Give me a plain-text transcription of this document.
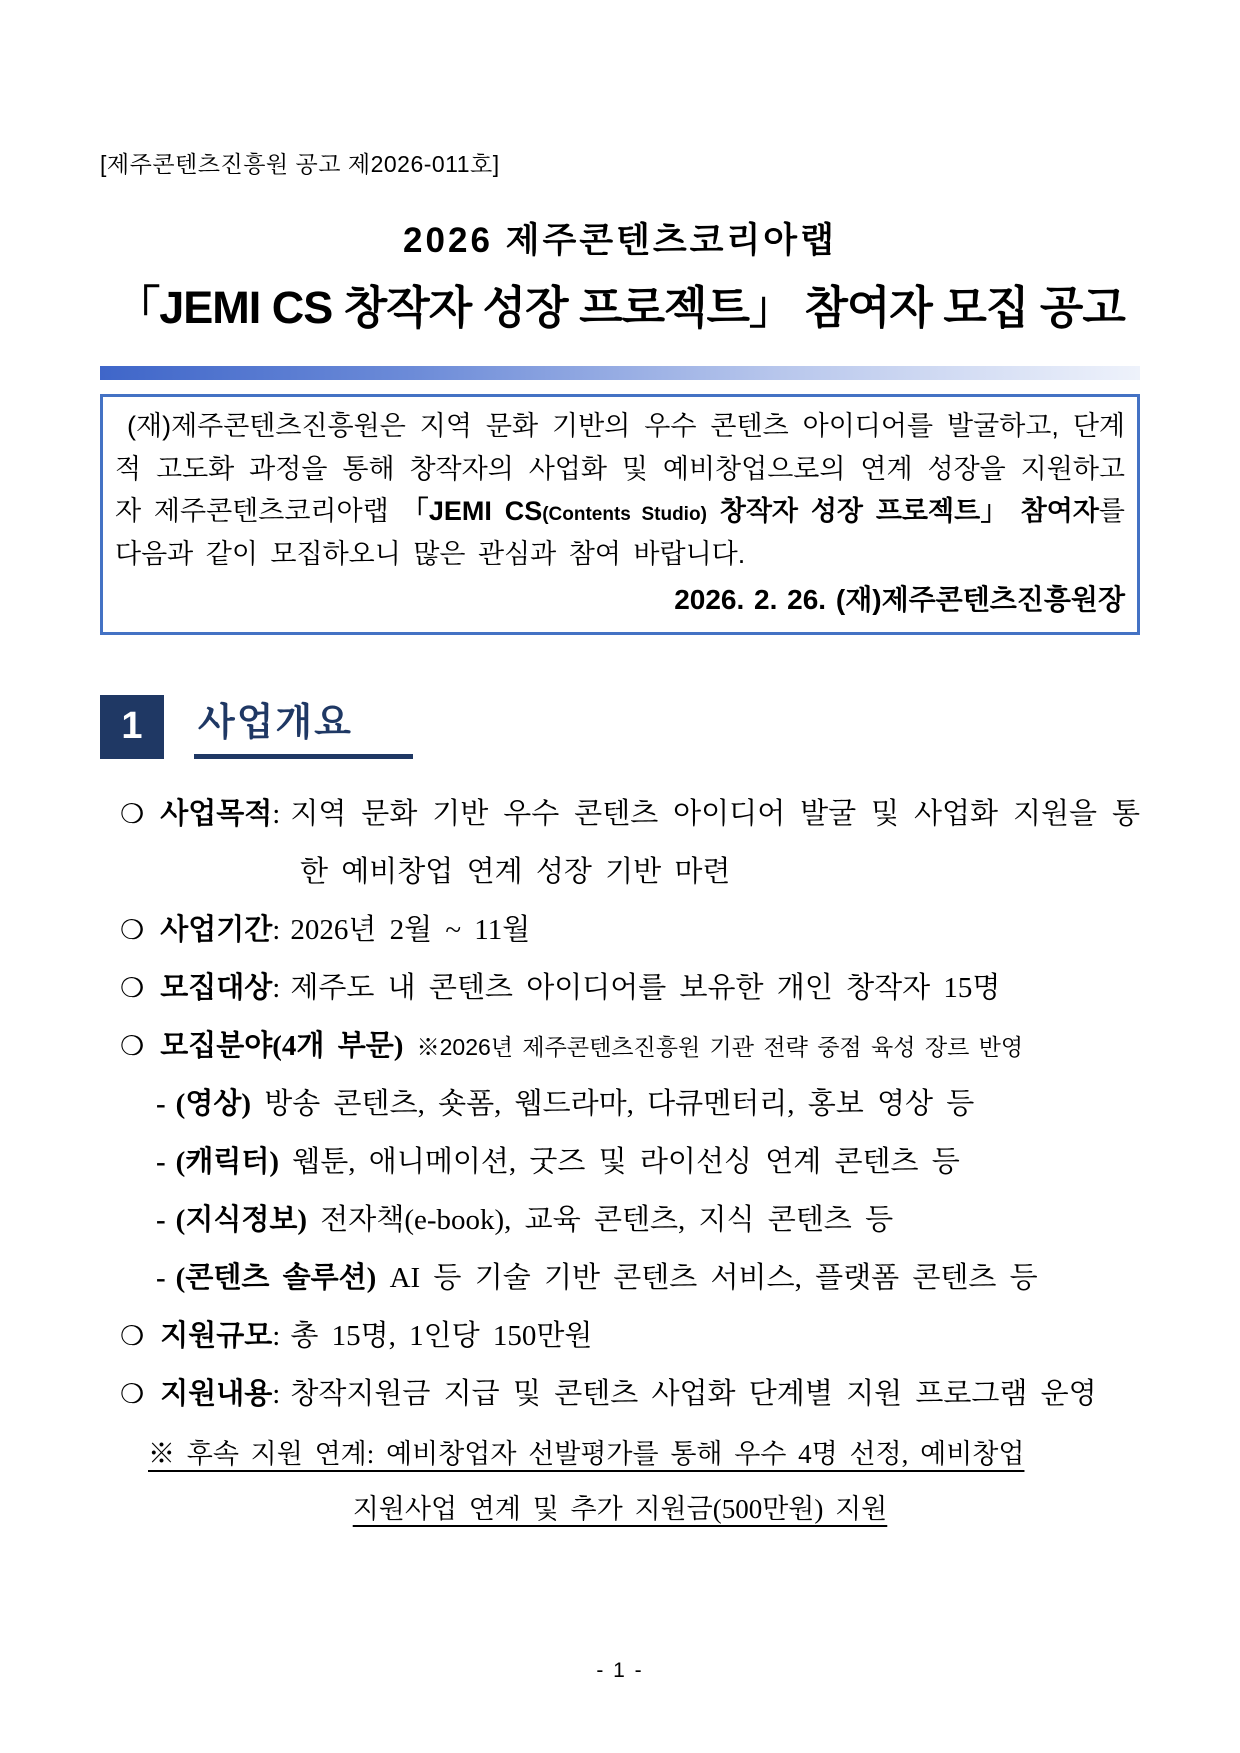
[제주콘텐츠진흥원 공고 제2026-011호]
2026 제주콘텐츠코리아랩
「JEMI CS 창작자 성장 프로젝트」 참여자 모집 공고
(재)제주콘텐츠진흥원은 지역 문화 기반의 우수 콘텐츠 아이디어를 발굴하고, 단계적 고도화 과정을 통해 창작자의 사업화 및 예비창업으로의 연계 성장을 지원하고자 제주콘텐츠코리아랩 「JEMI CS(Contents Studio) 창작자 성장 프로젝트」 참여자를 다음과 같이 모집하오니 많은 관심과 참여 바랍니다.
2026. 2. 26. (재)제주콘텐츠진흥원장
1	사업개요
❍ 사업목적: 지역 문화 기반 우수 콘텐츠 아이디어 발굴 및 사업화 지원을 통한 예비창업 연계 성장 기반 마련
❍ 사업기간: 2026년 2월 ~ 11월
❍ 모집대상: 제주도 내 콘텐츠 아이디어를 보유한 개인 창작자 15명
❍ 모집분야(4개 부문) ※2026년 제주콘텐츠진흥원 기관 전략 중점 육성 장르 반영
- (영상) 방송 콘텐츠, 숏폼, 웹드라마, 다큐멘터리, 홍보 영상 등
- (캐릭터) 웹툰, 애니메이션, 굿즈 및 라이선싱 연계 콘텐츠 등
- (지식정보) 전자책(e-book), 교육 콘텐츠, 지식 콘텐츠 등
- (콘텐츠 솔루션) AI 등 기술 기반 콘텐츠 서비스, 플랫폼 콘텐츠 등
❍ 지원규모: 총 15명, 1인당 150만원
❍ 지원내용: 창작지원금 지급 및 콘텐츠 사업화 단계별 지원 프로그램 운영
※ 후속 지원 연계: 예비창업자 선발평가를 통해 우수 4명 선정, 예비창업
지원사업 연계 및 추가 지원금(500만원) 지원
- 1 -
